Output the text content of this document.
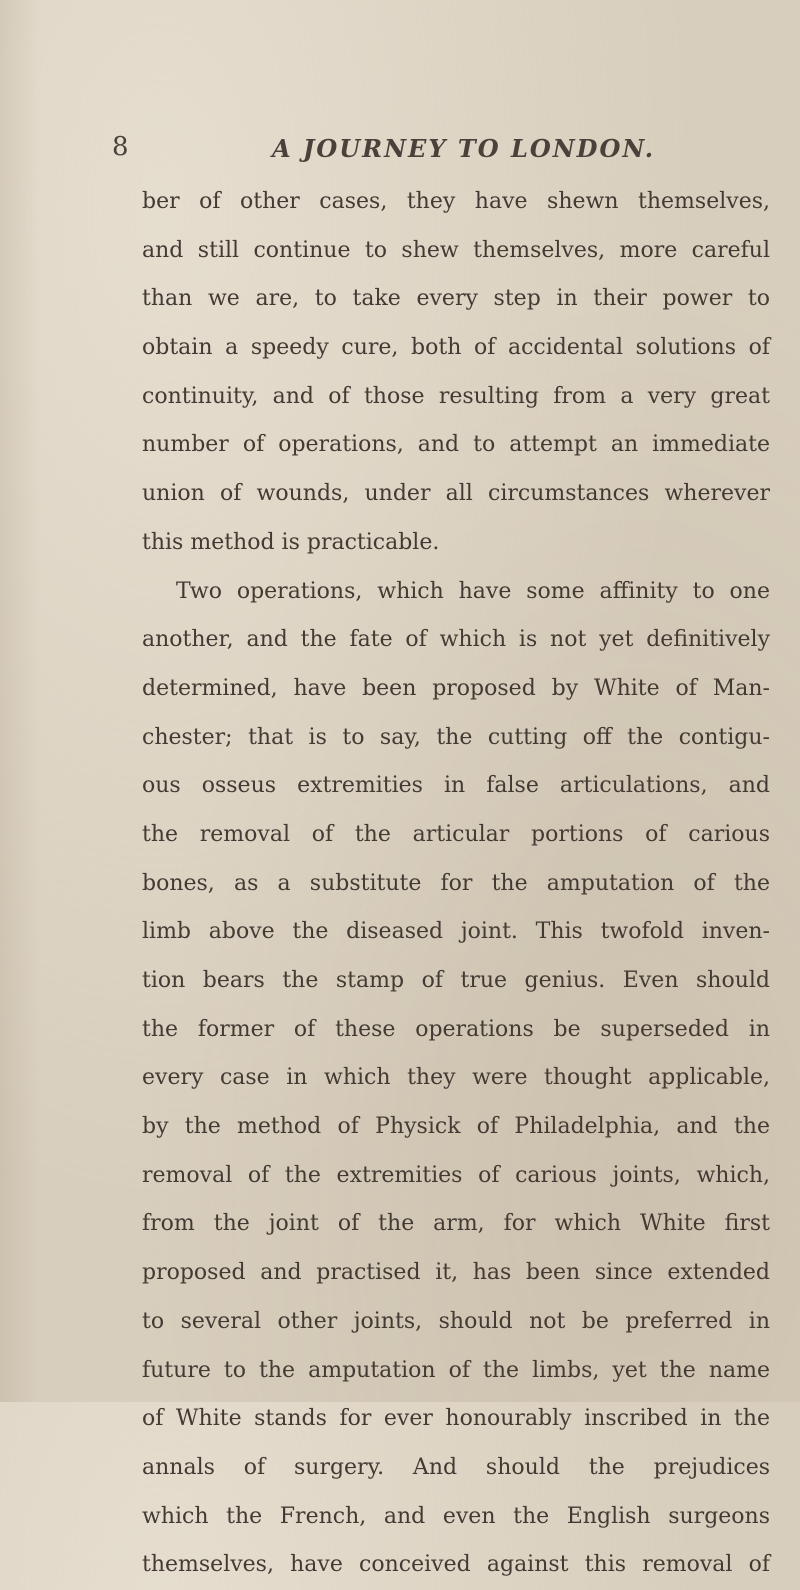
8	A JOURNEY TO LONDON.
ber of other cases, they have shewn themselves,
and still continue to shew themselves, more careful
than we are, to take every step in their power to
obtain a speedy cure, both of accidental solutions of
continuity, and of those resulting from a very great
number of operations, and to attempt an immediate
union of wounds, under all circumstances wherever
this method is practicable.
Two operations, which have some affinity to one
another, and the fate of which is not yet definitively
determined, have been proposed by White of Man-
chester; that is to say, the cutting off the contigu-
ous osseus extremities in false articulations, and
the removal of the articular portions of carious
bones, as a substitute for the amputation of the
limb above the diseased joint. This twofold inven-
tion bears the stamp of true genius. Even should
the former of these operations be superseded in
every case in which they were thought applicable,
by the method of Physick of Philadelphia, and the
removal of the extremities of carious joints, which,
from the joint of the arm, for which White first
proposed and practised it, has been since extended
to several other joints, should not be preferred in
future to the amputation of the limbs, yet the name
of White stands for ever honourably inscribed in the
annals of surgery. And should the prejudices
which the French, and even the English surgeons
themselves, have conceived against this removal of
